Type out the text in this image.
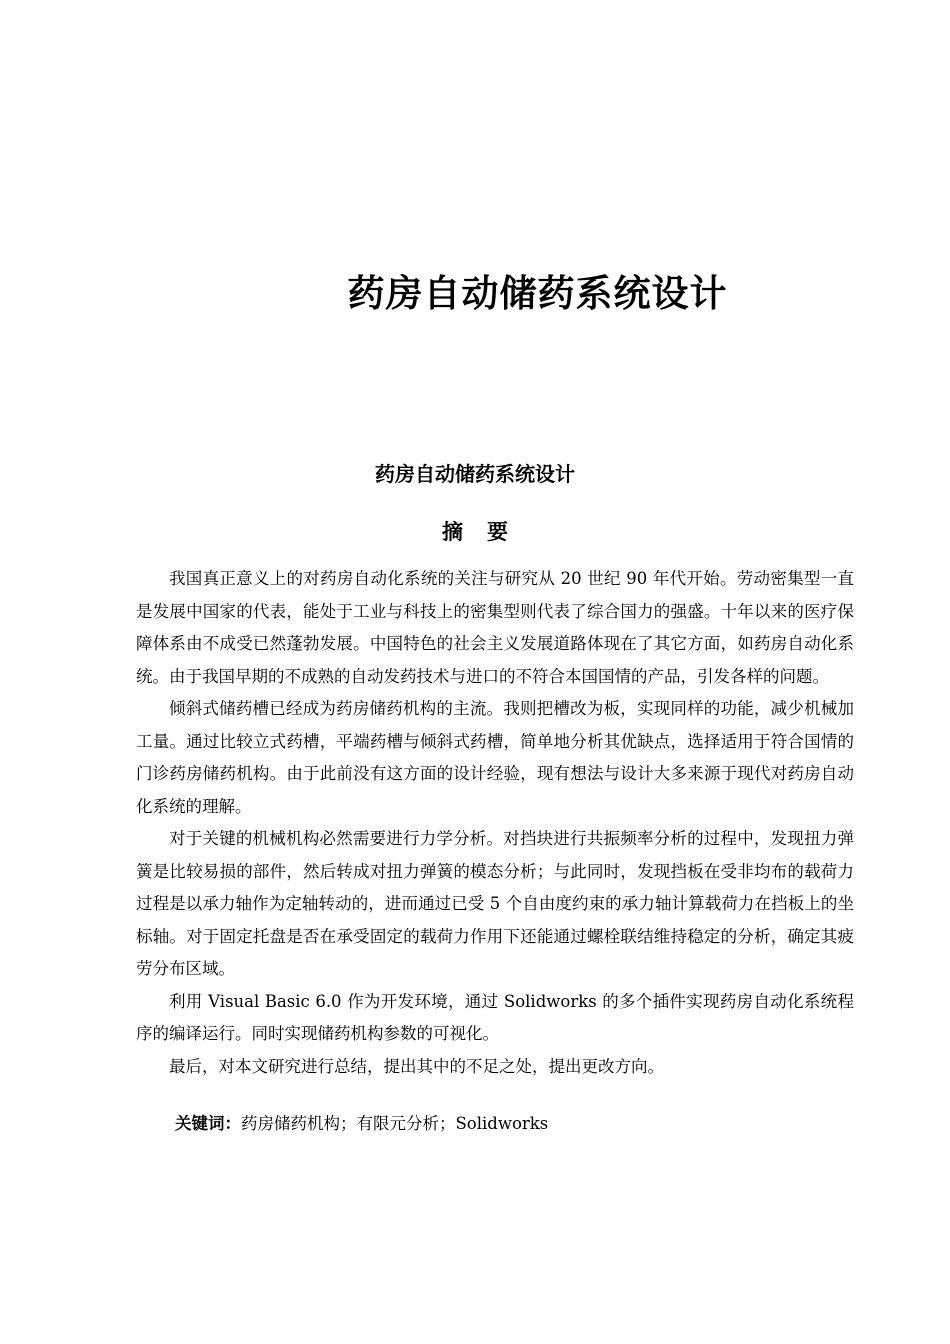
药房自动储药系统设计
药房自动储药系统设计
摘要

我国真正意义上的对药房自动化系统的关注与研究从 20 世纪 90 年代开始。劳动密集型一直是发展中国家的代表，能处于工业与科技上的密集型则代表了综合国力的强盛。十年以来的医疗保障体系由不成受已然蓬勃发展。中国特色的社会主义发展道路体现在了其它方面，如药房自动化系统。由于我国早期的不成熟的自动发药技术与进口的不符合本国国情的产品，引发各样的问题。

倾斜式储药槽已经成为药房储药机构的主流。我则把槽改为板，实现同样的功能，减少机械加工量。通过比较立式药槽，平端药槽与倾斜式药槽，简单地分析其优缺点，选择适用于符合国情的门诊药房储药机构。由于此前没有这方面的设计经验，现有想法与设计大多来源于现代对药房自动化系统的理解。

对于关键的机械机构必然需要进行力学分析。对挡块进行共振频率分析的过程中，发现扭力弹簧是比较易损的部件，然后转成对扭力弹簧的模态分析；与此同时，发现挡板在受非均布的载荷力过程是以承力轴作为定轴转动的，进而通过已受 5 个自由度约束的承力轴计算载荷力在挡板上的坐标轴。对于固定托盘是否在承受固定的载荷力作用下还能通过螺栓联结维持稳定的分析，确定其疲劳分布区域。

利用 Visual Basic 6.0 作为开发环境，通过 Solidworks 的多个插件实现药房自动化系统程序的编译运行。同时实现储药机构参数的可视化。

最后，对本文研究进行总结，提出其中的不足之处，提出更改方向。

关键词：药房储药机构；有限元分析；Solidworks
